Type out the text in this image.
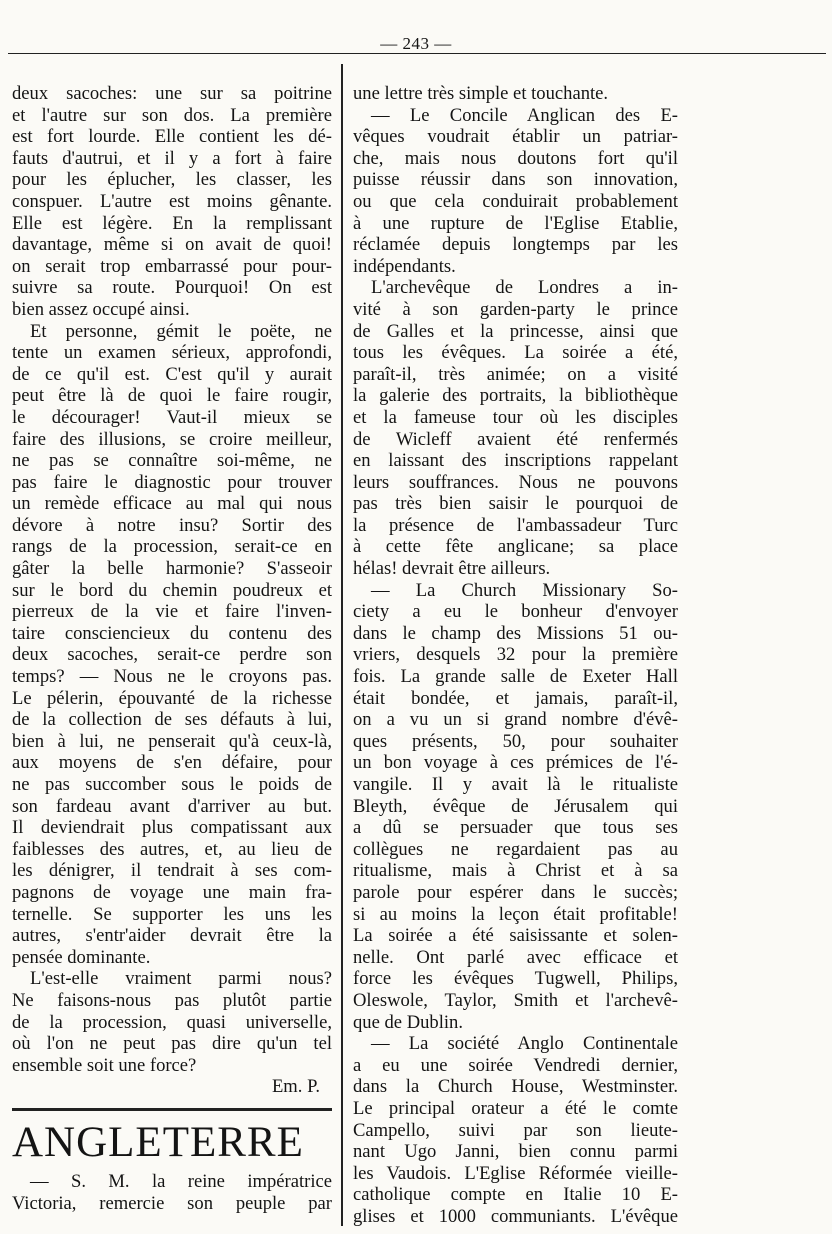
— 243 —
deux sacoches: une sur sa poitrine
et l'autre sur son dos. La première
est fort lourde. Elle contient les dé-
fauts d'autrui, et il y a fort à faire
pour les éplucher, les classer, les
conspuer. L'autre est moins gênante.
Elle est légère. En la remplissant
davantage, même si on avait de quoi!
on serait trop embarrassé pour pour-
suivre sa route. Pourquoi! On est
bien assez occupé ainsi.
Et personne, gémit le poëte, ne
tente un examen sérieux, approfondi,
de ce qu'il est. C'est qu'il y aurait
peut être là de quoi le faire rougir,
le décourager! Vaut-il mieux se
faire des illusions, se croire meilleur,
ne pas se connaître soi-même, ne
pas faire le diagnostic pour trouver
un remède efficace au mal qui nous
dévore à notre insu? Sortir des
rangs de la procession, serait-ce en
gâter la belle harmonie? S'asseoir
sur le bord du chemin poudreux et
pierreux de la vie et faire l'inven-
taire consciencieux du contenu des
deux sacoches, serait-ce perdre son
temps? — Nous ne le croyons pas.
Le pélerin, épouvanté de la richesse
de la collection de ses défauts à lui,
bien à lui, ne penserait qu'à ceux-là,
aux moyens de s'en défaire, pour
ne pas succomber sous le poids de
son fardeau avant d'arriver au but.
Il deviendrait plus compatissant aux
faiblesses des autres, et, au lieu de
les dénigrer, il tendrait à ses com-
pagnons de voyage une main fra-
ternelle. Se supporter les uns les
autres, s'entr'aider devrait être la
pensée dominante.
L'est-elle vraiment parmi nous?
Ne faisons-nous pas plutôt partie
de la procession, quasi universelle,
où l'on ne peut pas dire qu'un tel
ensemble soit une force?
Em. P.
ANGLETERRE
— S. M. la reine impératrice
Victoria, remercie son peuple par
une lettre très simple et touchante.
— Le Concile Anglican des E-
vêques voudrait établir un patriar-
che, mais nous doutons fort qu'il
puisse réussir dans son innovation,
ou que cela conduirait probablement
à une rupture de l'Eglise Etablie,
réclamée depuis longtemps par les
indépendants.
L'archevêque de Londres a in-
vité à son garden-party le prince
de Galles et la princesse, ainsi que
tous les évêques. La soirée a été,
paraît-il, très animée; on a visité
la galerie des portraits, la bibliothèque
et la fameuse tour où les disciples
de Wicleff avaient été renfermés
en laissant des inscriptions rappelant
leurs souffrances. Nous ne pouvons
pas très bien saisir le pourquoi de
la présence de l'ambassadeur Turc
à cette fête anglicane; sa place
hélas! devrait être ailleurs.
— La Church Missionary So-
ciety a eu le bonheur d'envoyer
dans le champ des Missions 51 ou-
vriers, desquels 32 pour la première
fois. La grande salle de Exeter Hall
était bondée, et jamais, paraît-il,
on a vu un si grand nombre d'évê-
ques présents, 50, pour souhaiter
un bon voyage à ces prémices de l'é-
vangile. Il y avait là le ritualiste
Bleyth, évêque de Jérusalem qui
a dû se persuader que tous ses
collègues ne regardaient pas au
ritualisme, mais à Christ et à sa
parole pour espérer dans le succès;
si au moins la leçon était profitable!
La soirée a été saisissante et solen-
nelle. Ont parlé avec efficace et
force les évêques Tugwell, Philips,
Oleswole, Taylor, Smith et l'archevê-
que de Dublin.
— La société Anglo Continentale
a eu une soirée Vendredi dernier,
dans la Church House, Westminster.
Le principal orateur a été le comte
Campello, suivi par son lieute-
nant Ugo Janni, bien connu parmi
les Vaudois. L'Eglise Réformée vieille-
catholique compte en Italie 10 E-
glises et 1000 communiants. L'évêque
